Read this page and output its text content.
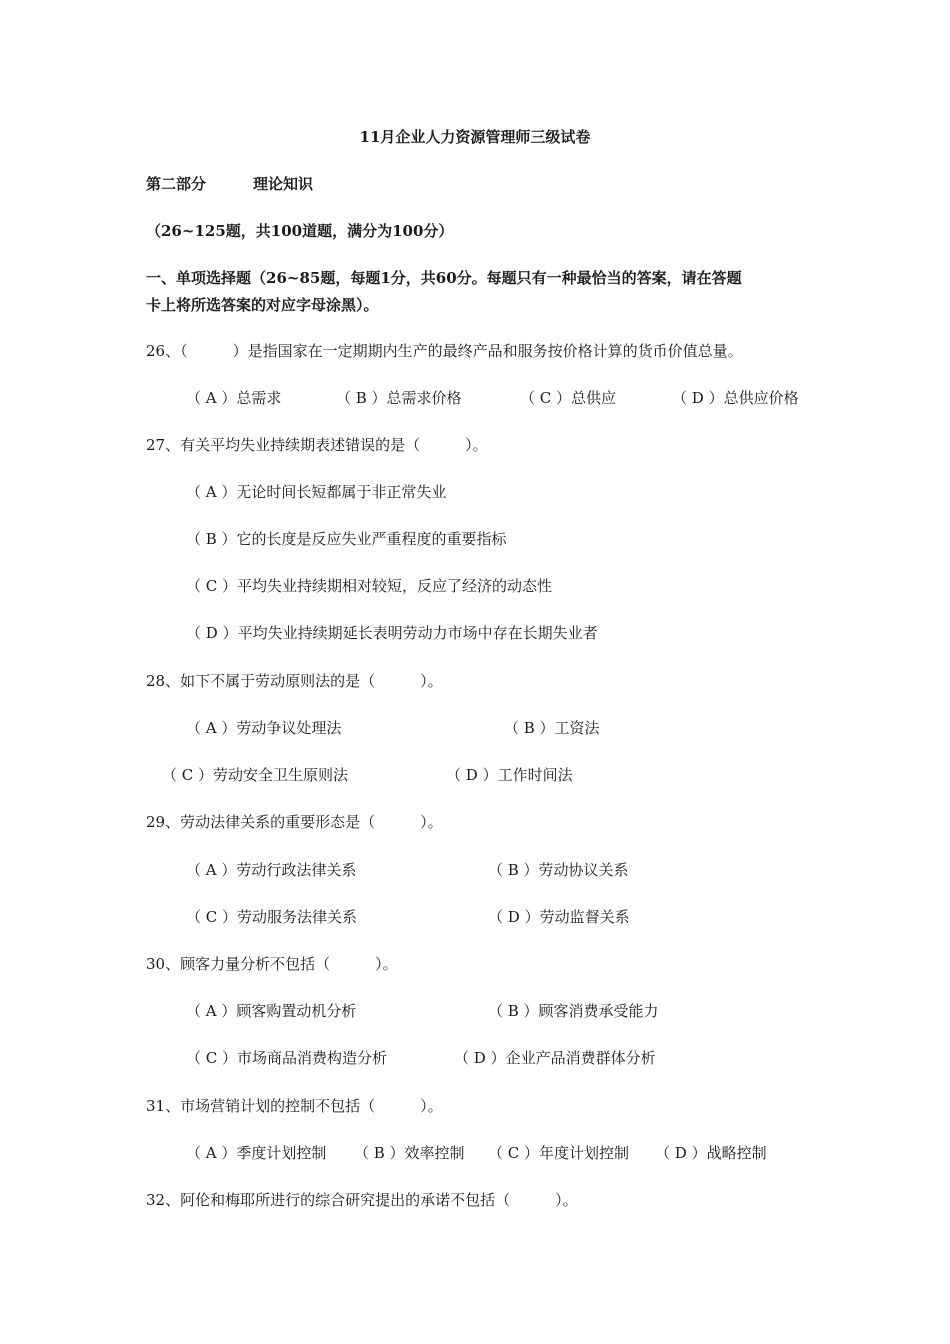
11月企业人力资源管理师三级试卷
第二部分	理论知识
（26~125题，共100道题，满分为100分）
一、单项选择题（26~85题，每题1分，共60分。每题只有一种最恰当的答案，请在答题
卡上将所选答案的对应字母涂黑）。
26、（　　　）是指国家在一定期期内生产的最终产品和服务按价格计算的货币价值总量。
（ A ）总需求	（ B ）总需求价格	（ C ）总供应	（ D ）总供应价格
27、有关平均失业持续期表述错误的是（　　　）。
（ A ）无论时间长短都属于非正常失业
（ B ）它的长度是反应失业严重程度的重要指标
（ C ）平均失业持续期相对较短，反应了经济的动态性
（ D ）平均失业持续期延长表明劳动力市场中存在长期失业者
28、如下不属于劳动原则法的是（　　　）。
（ A ）劳动争议处理法	（ B ）工资法
（ C ）劳动安全卫生原则法	（ D ）工作时间法
29、劳动法律关系的重要形态是（　　　）。
（ A ）劳动行政法律关系	（ B ）劳动协议关系
（ C ）劳动服务法律关系	（ D ）劳动监督关系
30、顾客力量分析不包括（　　　）。
（ A ）顾客购置动机分析	（ B ）顾客消费承受能力
（ C ）市场商品消费构造分析	（ D ）企业产品消费群体分析
31、市场营销计划的控制不包括（　　　）。
（ A ）季度计划控制 （ B ）效率控制 （ C ）年度计划控制 （ D ）战略控制
32、阿伦和梅耶所进行的综合研究提出的承诺不包括（　　　）。
